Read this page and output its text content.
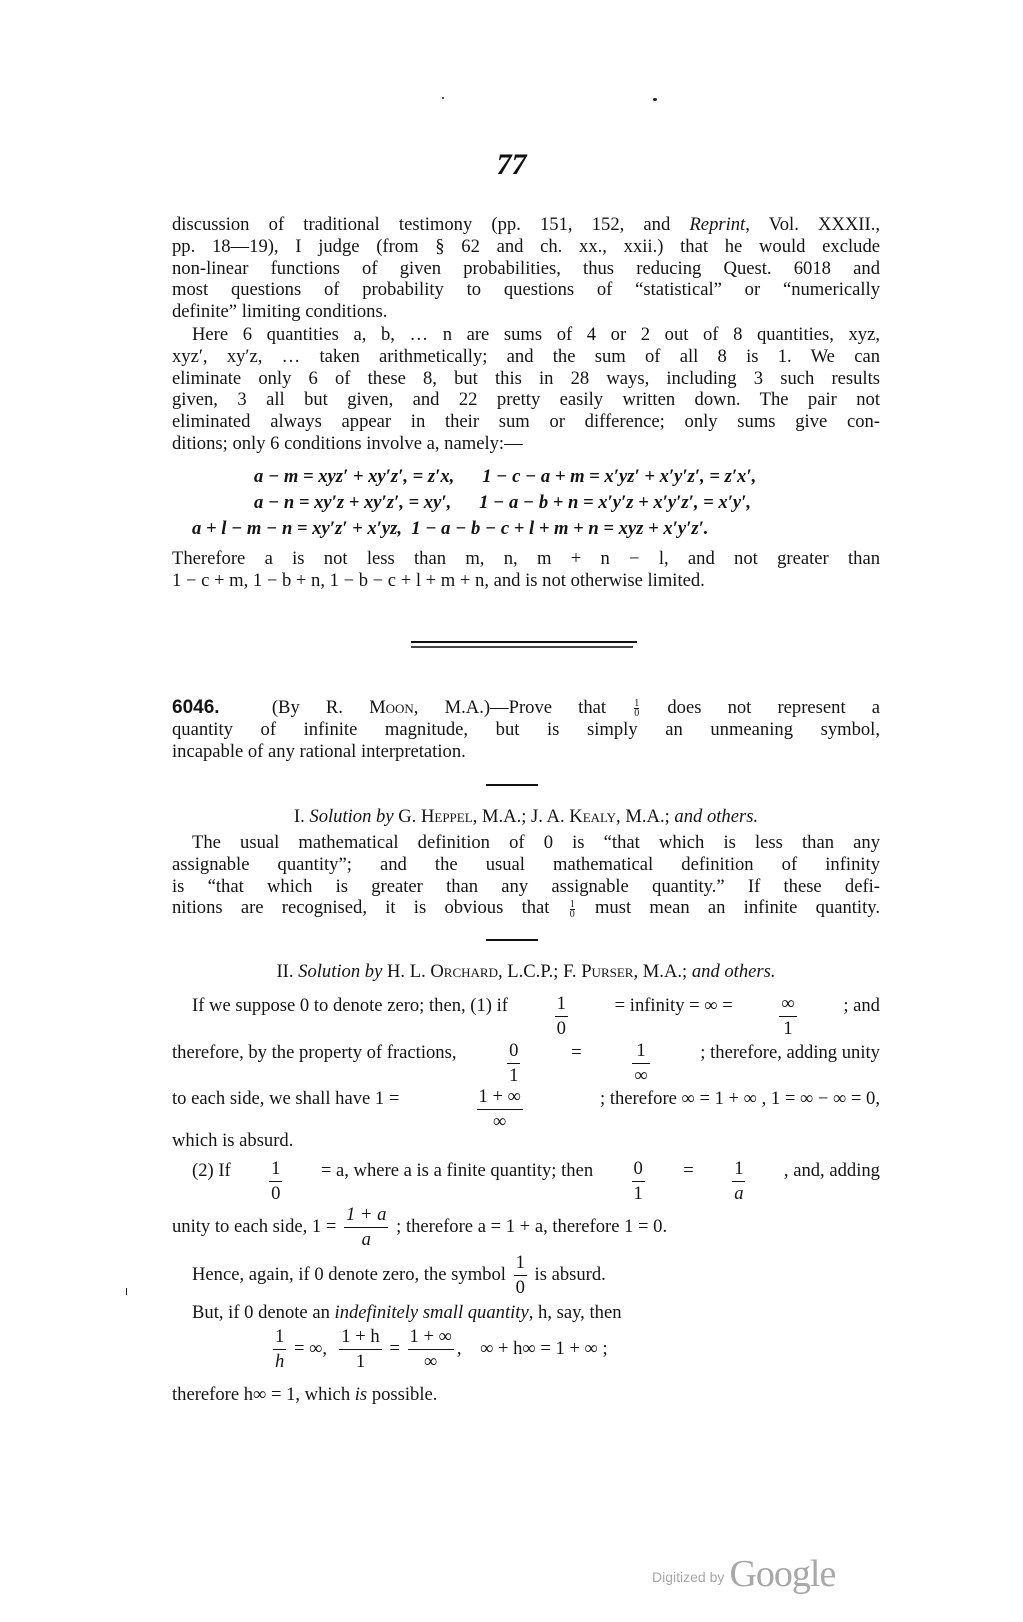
77

discussion of traditional testimony (pp. 151, 152, and Reprint, Vol. XXXII.,

pp. 18—19), I judge (from § 62 and ch. xx., xxii.) that he would exclude

non-linear functions of given probabilities, thus reducing Quest. 6018 and

most questions of probability to questions of “statistical” or “numerically

definite” limiting conditions.

Here 6 quantities a, b, … n are sums of 4 or 2 out of 8 quantities, xyz,

xyz′, xy′z, … taken arithmetically; and the sum of all 8 is 1. We can

eliminate only 6 of these 8, but this in 28 ways, including 3 such results

given, 3 all but given, and 22 pretty easily written down. The pair not

eliminated always appear in their sum or difference; only sums give con-

ditions; only 6 conditions involve a, namely:—

a − m = xyz′ + xy′z′, = z′x,      1 − c − a + m = x′yz′ + x′y′z′, = z′x′,
a − n = xy′z + xy′z′, = xy′,      1 − a − b + n = x′y′z + x′y′z′, = x′y′,
a + l − m − n = xy′z′ + x′yz,  1 − a − b − c + l + m + n = xyz + x′y′z′.

Therefore a is not less than m, n, m + n − l, and not greater than

1 − c + m, 1 − b + n, 1 − b − c + l + m + n, and is not otherwise limited.

6046.	(By R. Moon, M.A.)—Prove that	$\frac{1}{0}$ does not represent a

quantity of infinite magnitude, but is simply an unmeaning symbol,

incapable of any rational interpretation.

I. Solution by G. Heppel, M.A.; J. A. Kealy, M.A.; and others.

The usual mathematical definition of 0 is “that which is less than any

assignable quantity”; and the usual mathematical definition of infinity

is “that which is greater than any assignable quantity.” If these defi-

nitions are recognised, it is obvious that $\frac{1}{0}$ must mean an infinite quantity.

II. Solution by H. L. Orchard, L.C.P.; F. Purser, M.A.; and others.

If we suppose 0 to denote zero; then, (1) if	$\frac{1}{0}$	= infinity = ∞ =	$\frac{\infty}{1}$	; and
therefore, by the property of fractions,	$\frac{0}{1}$	=	$\frac{1}{\infty}$	; therefore, adding unity
to each side, we shall have 1 =	$\frac{1 + \infty}{\infty}$	; therefore ∞ = 1 + ∞ , 1 = ∞ − ∞ = 0,
which is absurd.
(2) If $\frac{1}{0} = a$, where a is a finite quantity; then $\frac{0}{1} = \frac{1}{a}$ , and, adding
unity to each side, $1 = \frac{1 + a}{a}$ ; therefore a = 1 + a, therefore 1 = 0.
Hence, again, if 0 denote zero, the symbol $\frac{1}{0}$ is absurd.
But, if 0 denote an indefinitely small quantity, h, say, then
$\frac{1}{h}$ = ∞, $\frac{1 + h}{1} = \frac{1 + \infty}{\infty}$ , ∞ + h∞ = 1 + ∞ ;
therefore h∞ = 1, which is possible.
Digitized by Google
